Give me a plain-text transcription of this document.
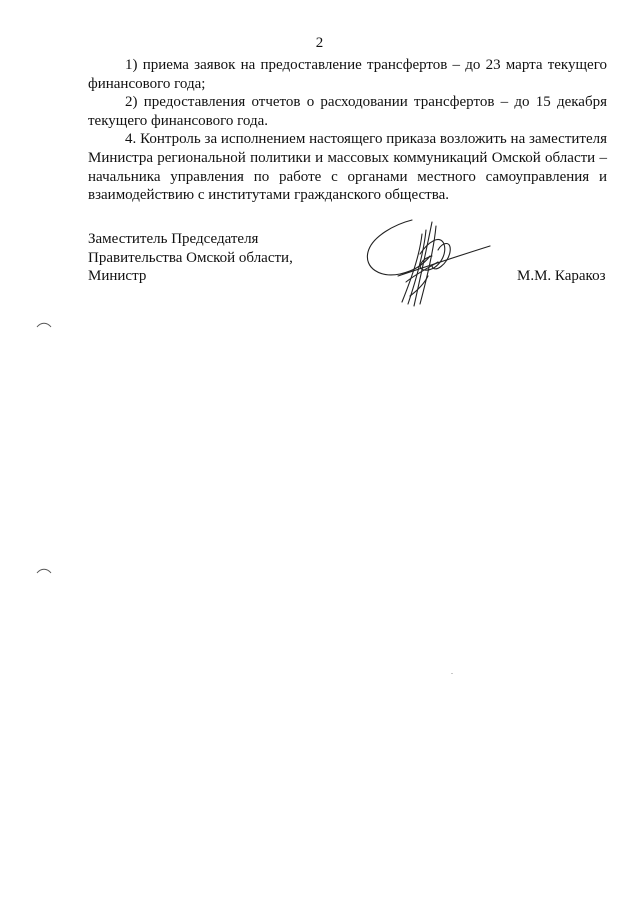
2

1) приема заявок на предоставление трансфертов – до 23 марта текущего финансового года;

2) предоставления отчетов о расходовании трансфертов – до 15 декабря текущего финансового года.

4. Контроль за исполнением настоящего приказа возложить на заместителя Министра региональной политики и массовых коммуникаций Омской области – начальника управления по работе с органами местного самоуправления и взаимодействию с институтами гражданского общества.

Заместитель Председателя
Правительства Омской области,
Министр	М.М. Каракоз
